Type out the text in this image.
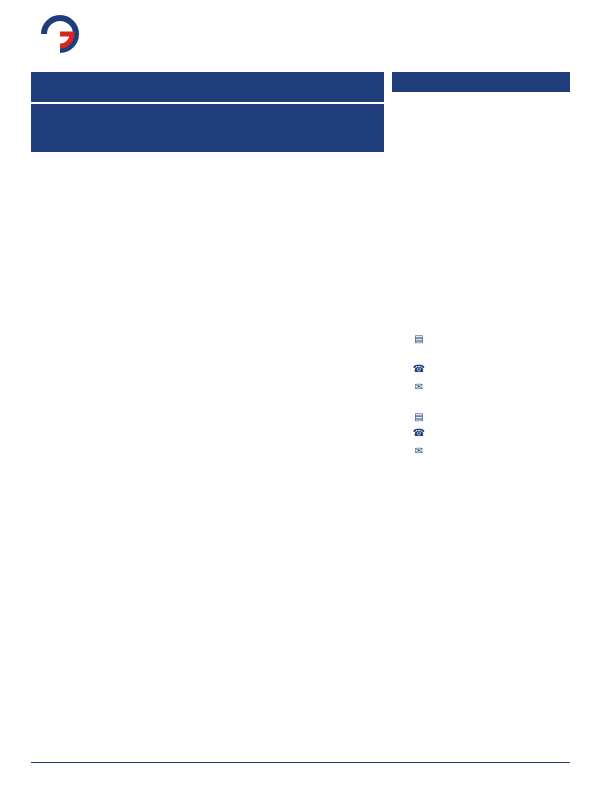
▤
☎
✉
▤
☎
✉
